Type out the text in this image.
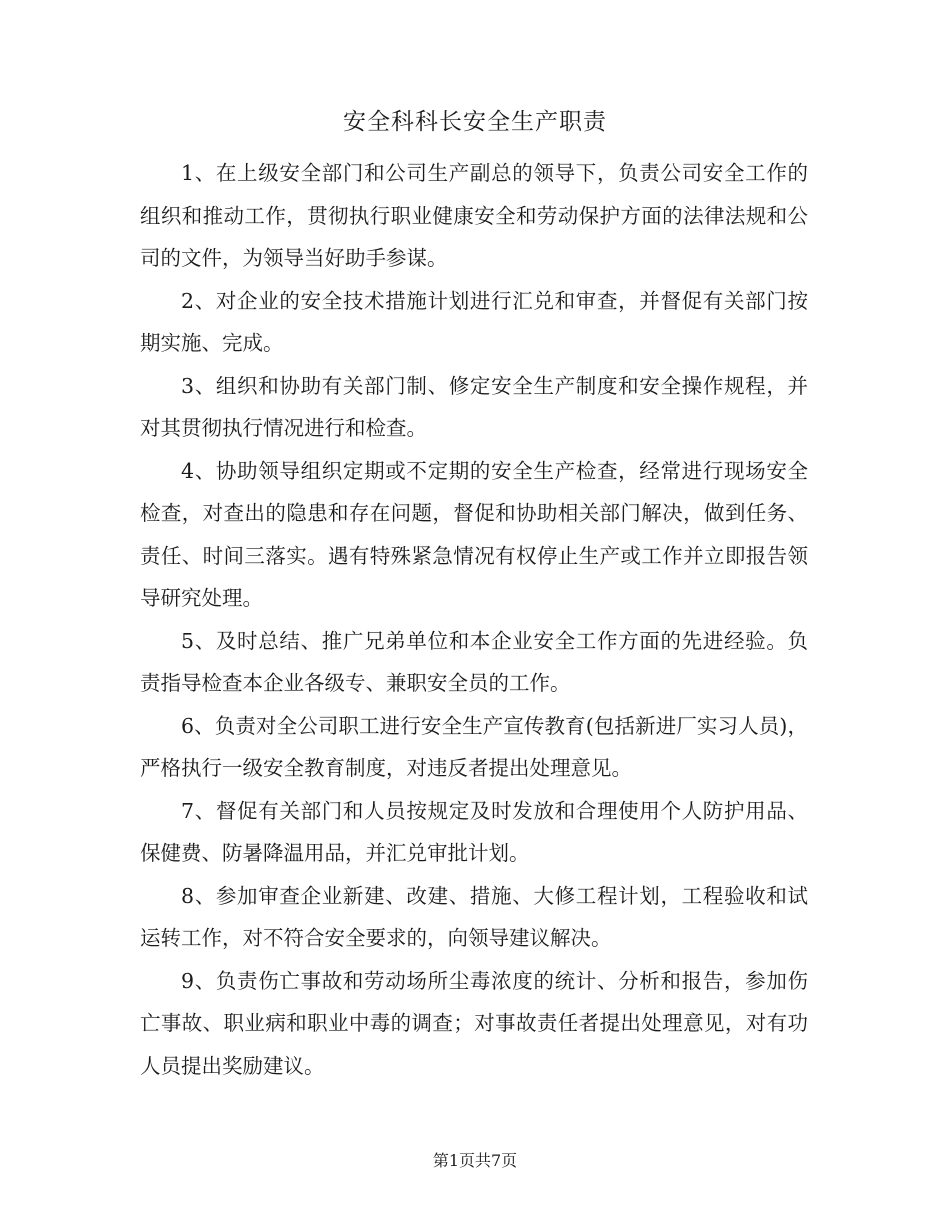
安全科科长安全生产职责

1、在上级安全部门和公司生产副总的领导下，负责公司安全工作的组织和推动工作，贯彻执行职业健康安全和劳动保护方面的法律法规和公司的文件，为领导当好助手参谋。

2、对企业的安全技术措施计划进行汇兑和审查，并督促有关部门按期实施、完成。

3、组织和协助有关部门制、修定安全生产制度和安全操作规程，并对其贯彻执行情况进行和检查。

4、协助领导组织定期或不定期的安全生产检查，经常进行现场安全检查，对查出的隐患和存在问题，督促和协助相关部门解决，做到任务、责任、时间三落实。遇有特殊紧急情况有权停止生产或工作并立即报告领导研究处理。

5、及时总结、推广兄弟单位和本企业安全工作方面的先进经验。负责指导检查本企业各级专、兼职安全员的工作。

6、负责对全公司职工进行安全生产宣传教育(包括新进厂实习人员)，严格执行一级安全教育制度，对违反者提出处理意见。

7、督促有关部门和人员按规定及时发放和合理使用个人防护用品、保健费、防暑降温用品，并汇兑审批计划。

8、参加审查企业新建、改建、措施、大修工程计划，工程验收和试运转工作，对不符合安全要求的，向领导建议解决。

9、负责伤亡事故和劳动场所尘毒浓度的统计、分析和报告，参加伤亡事故、职业病和职业中毒的调查；对事故责任者提出处理意见，对有功人员提出奖励建议。

第1页共7页
